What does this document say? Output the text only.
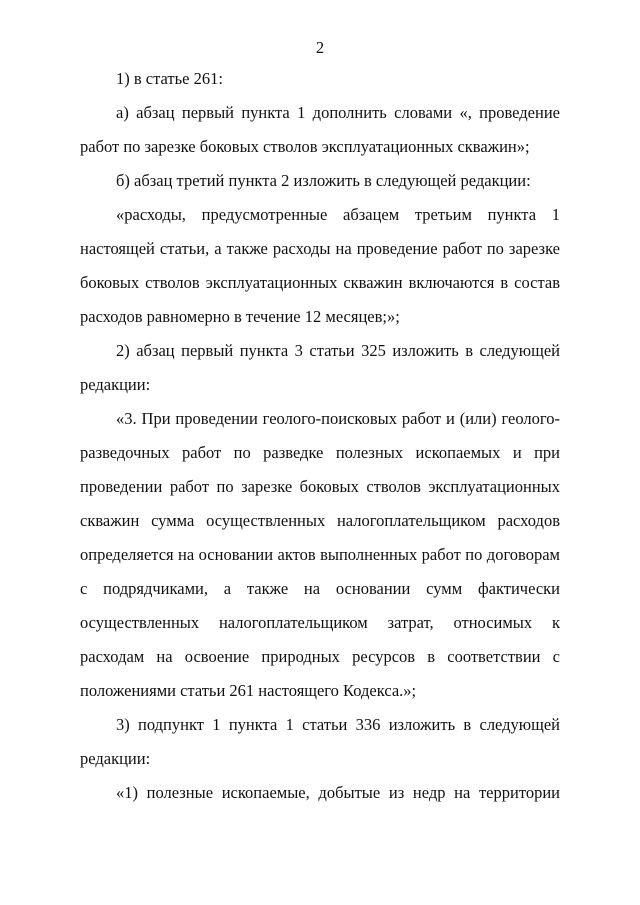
2

1) в статье 261:

а) абзац первый пункта 1 дополнить словами «, проведение работ по зарезке боковых стволов эксплуатационных скважин»;

б) абзац третий пункта 2 изложить в следующей редакции:

«расходы, предусмотренные абзацем третьим пункта 1 настоящей статьи, а также расходы на проведение работ по зарезке боковых стволов эксплуатационных скважин включаются в состав расходов равномерно в течение 12 месяцев;»;

2) абзац первый пункта 3 статьи 325 изложить в следующей редакции:

«3. При проведении геолого-поисковых работ и (или) геолого-разведочных работ по разведке полезных ископаемых и при проведении работ по зарезке боковых стволов эксплуатационных скважин сумма осуществленных налогоплательщиком расходов определяется на основании актов выполненных работ по договорам с подрядчиками, а также на основании сумм фактически осуществленных налогоплательщиком затрат, относимых к расходам на освоение природных ресурсов в соответствии с положениями статьи 261 настоящего Кодекса.»;

3) подпункт 1 пункта 1 статьи 336 изложить в следующей редакции:

«1) полезные ископаемые, добытые из недр на территории
